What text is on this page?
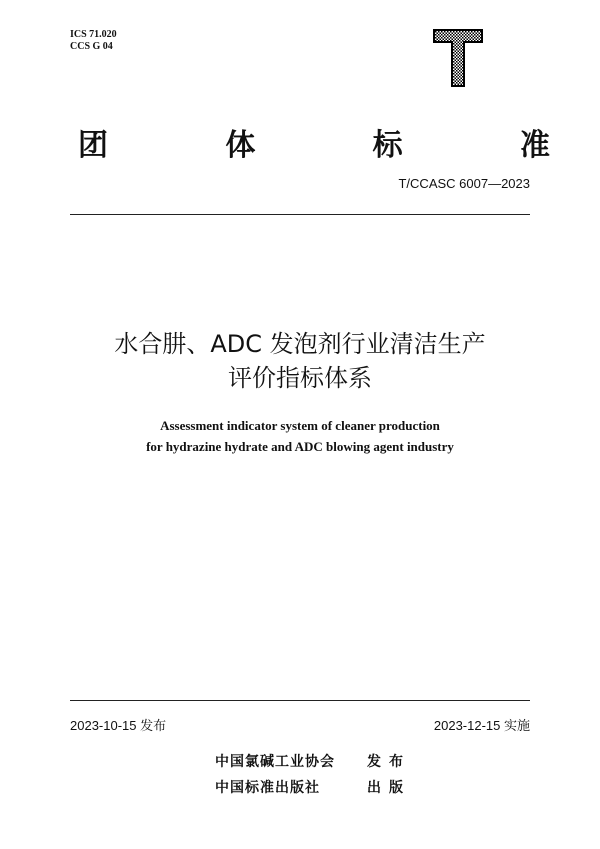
ICS 71.020
CCS G 04
团	体	标	准
T/CCASC 6007—2023
水合肼、ADC 发泡剂行业清洁生产
评价指标体系
Assessment indicator system of cleaner production
for hydrazine hydrate and ADC blowing agent industry
2023-10-15 发布	2023-12-15 实施
中国氯碱工业协会	发布
中国标准出版社	出版
